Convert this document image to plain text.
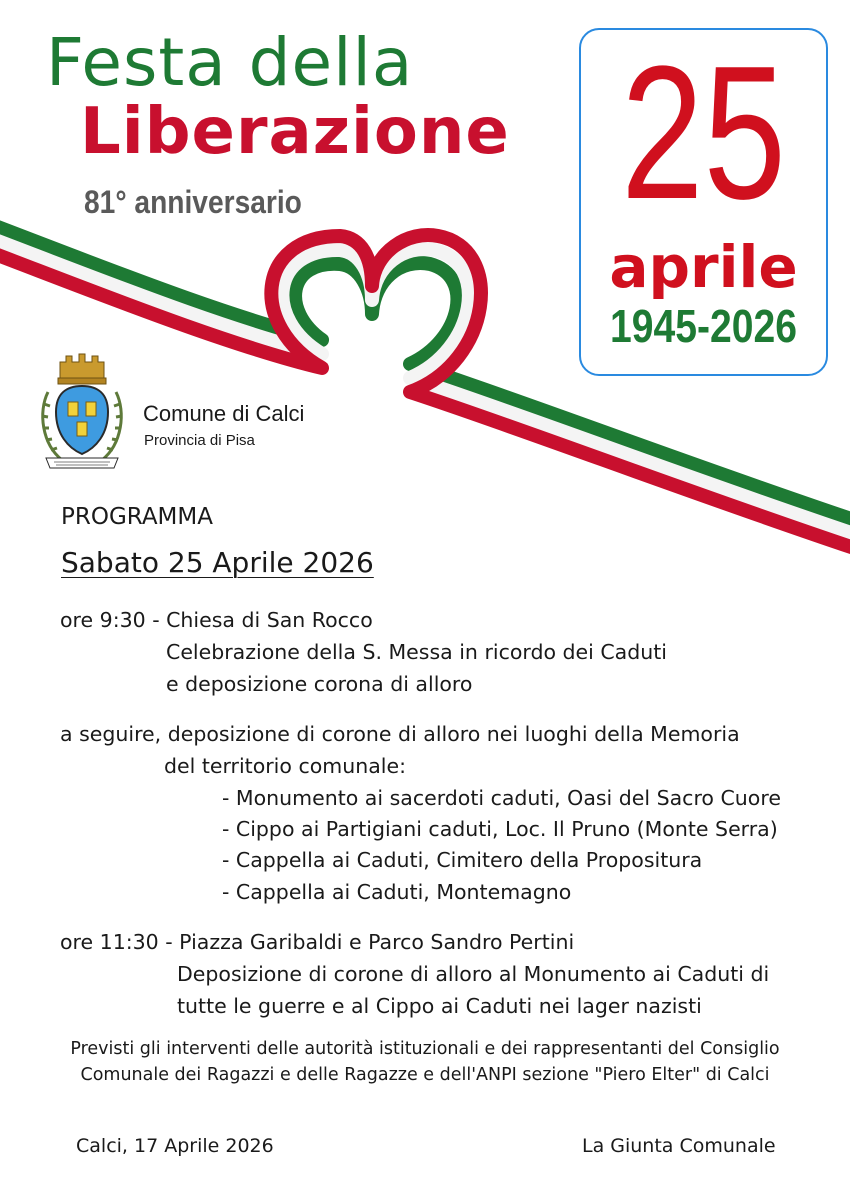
Festa della
Liberazione
81° anniversario 25
aprile
1945-2026
Comune di Calci
Provincia di Pisa
PROGRAMMA
Sabato 25 Aprile 2026
ore 9:30 - Chiesa di San Rocco
Celebrazione della S. Messa in ricordo dei Caduti
e deposizione corona di alloro
a seguire, deposizione di corone di alloro nei luoghi della Memoria
del territorio comunale:
- Monumento ai sacerdoti caduti, Oasi del Sacro Cuore
- Cippo ai Partigiani caduti, Loc. Il Pruno (Monte Serra)
- Cappella ai Caduti, Cimitero della Propositura
- Cappella ai Caduti, Montemagno
ore 11:30 - Piazza Garibaldi e Parco Sandro Pertini
Deposizione di corone di alloro al Monumento ai Caduti di
tutte le guerre e al Cippo ai Caduti nei lager nazisti
Previsti gli interventi delle autorità istituzionali e dei rappresentanti del Consiglio
Comunale dei Ragazzi e delle Ragazze e dell'ANPI sezione "Piero Elter" di Calci
Calci, 17 Aprile 2026	La Giunta Comunale
